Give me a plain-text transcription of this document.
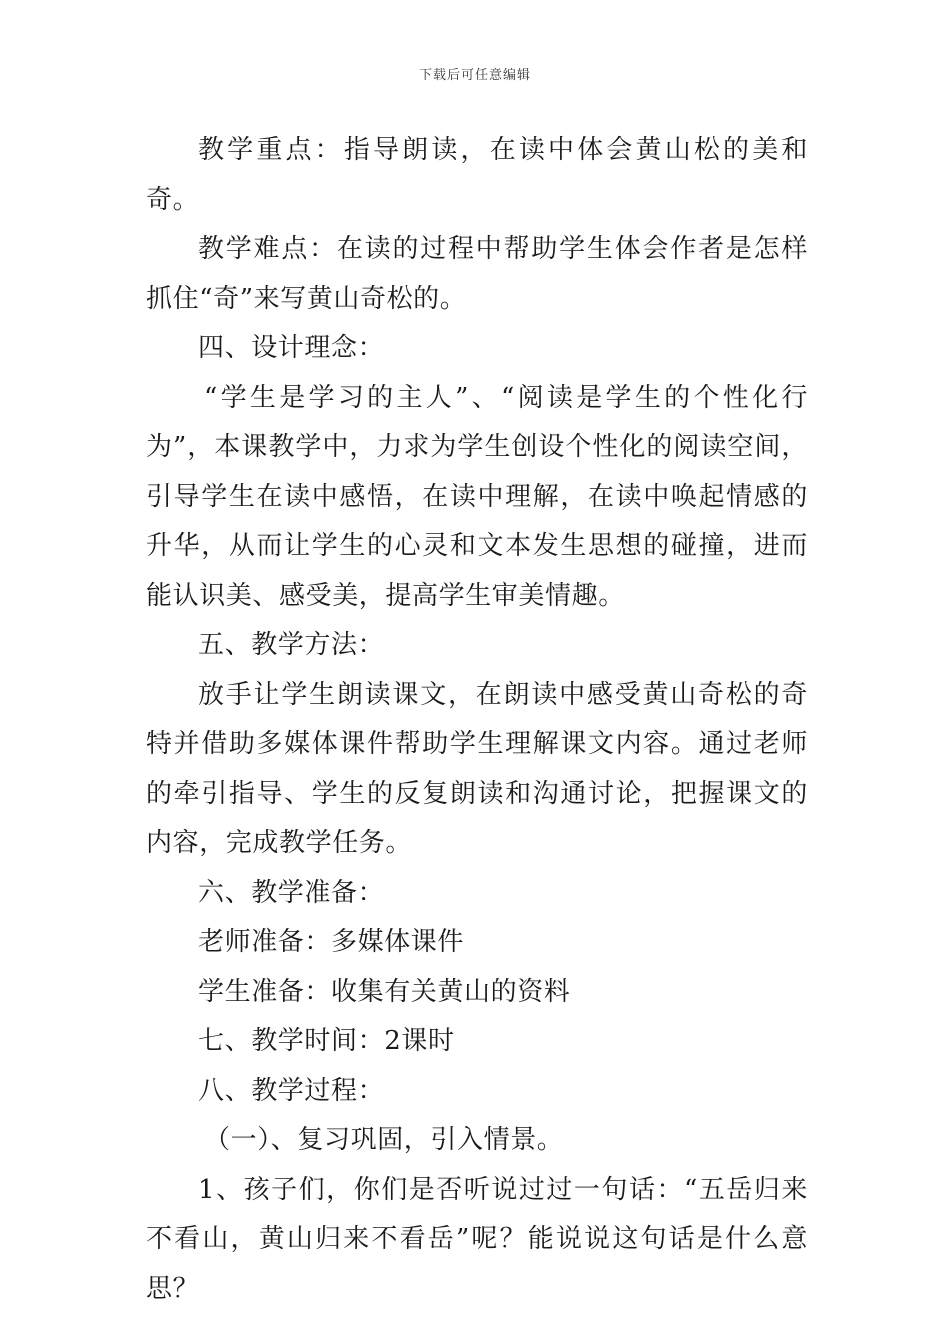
下载后可任意编辑

教学重点：指导朗读，在读中体会黄山松的美和奇。

教学难点：在读的过程中帮助学生体会作者是怎样抓住“奇”来写黄山奇松的。

四、设计理念：

“学生是学习的主人”、“阅读是学生的个性化行为”，本课教学中，力求为学生创设个性化的阅读空间，引导学生在读中感悟，在读中理解，在读中唤起情感的升华，从而让学生的心灵和文本发生思想的碰撞，进而能认识美、感受美，提高学生审美情趣。

五、教学方法：

放手让学生朗读课文，在朗读中感受黄山奇松的奇特并借助多媒体课件帮助学生理解课文内容。通过老师的牵引指导、学生的反复朗读和沟通讨论，把握课文的内容，完成教学任务。

六、教学准备：

老师准备：多媒体课件

学生准备：收集有关黄山的资料

七、教学时间：2课时

八、教学过程：

（一）、复习巩固，引入情景。

1、孩子们，你们是否听说过过一句话：“五岳归来不看山，黄山归来不看岳”呢？能说说这句话是什么意思？
